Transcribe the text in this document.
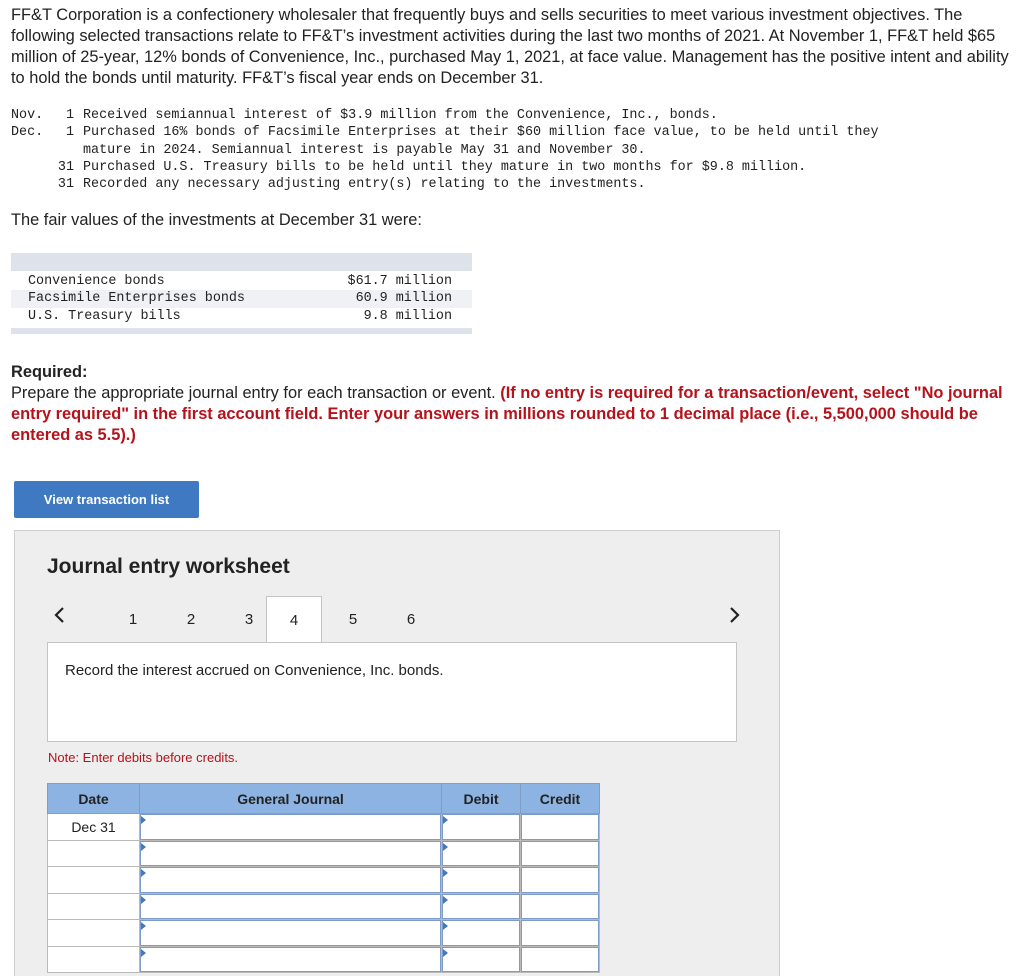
FF&T Corporation is a confectionery wholesaler that frequently buys and sells securities to meet various investment objectives. The following selected transactions relate to FF&T’s investment activities during the last two months of 2021. At November 1, FF&T held $65 million of 25-year, 12% bonds of Convenience, Inc., purchased May 1, 2021, at face value. Management has the positive intent and ability to hold the bonds until maturity. FF&T’s fiscal year ends on December 31.

Nov.	1 Received semiannual interest of $3.9 million from the Convenience, Inc., bonds.
Dec.	1 Purchased 16% bonds of Facsimile Enterprises at their $60 million face value, to be held until they
mature in 2024. Semiannual interest is payable May 31 and November 30.
31 Purchased U.S. Treasury bills to be held until they mature in two months for $9.8 million.
31 Recorded any necessary adjusting entry(s) relating to the investments.

The fair values of the investments at December 31 were:

Convenience bonds	$61.7 million
Facsimile Enterprises bonds	60.9 million
U.S. Treasury bills	9.8 million
Required:

Prepare the appropriate journal entry for each transaction or event. (If no entry is required for a transaction/event, select "No journal entry required" in the first account field. Enter your answers in millions rounded to 1 decimal place (i.e., 5,500,000 should be entered as 5.5).)

View transaction list
Journal entry worksheet
1	2	3	4	5	6

Record the interest accrued on Convenience, Inc. bonds.

Note: Enter debits before credits.

Date	General Journal	Debit	Credit
Dec 31	
